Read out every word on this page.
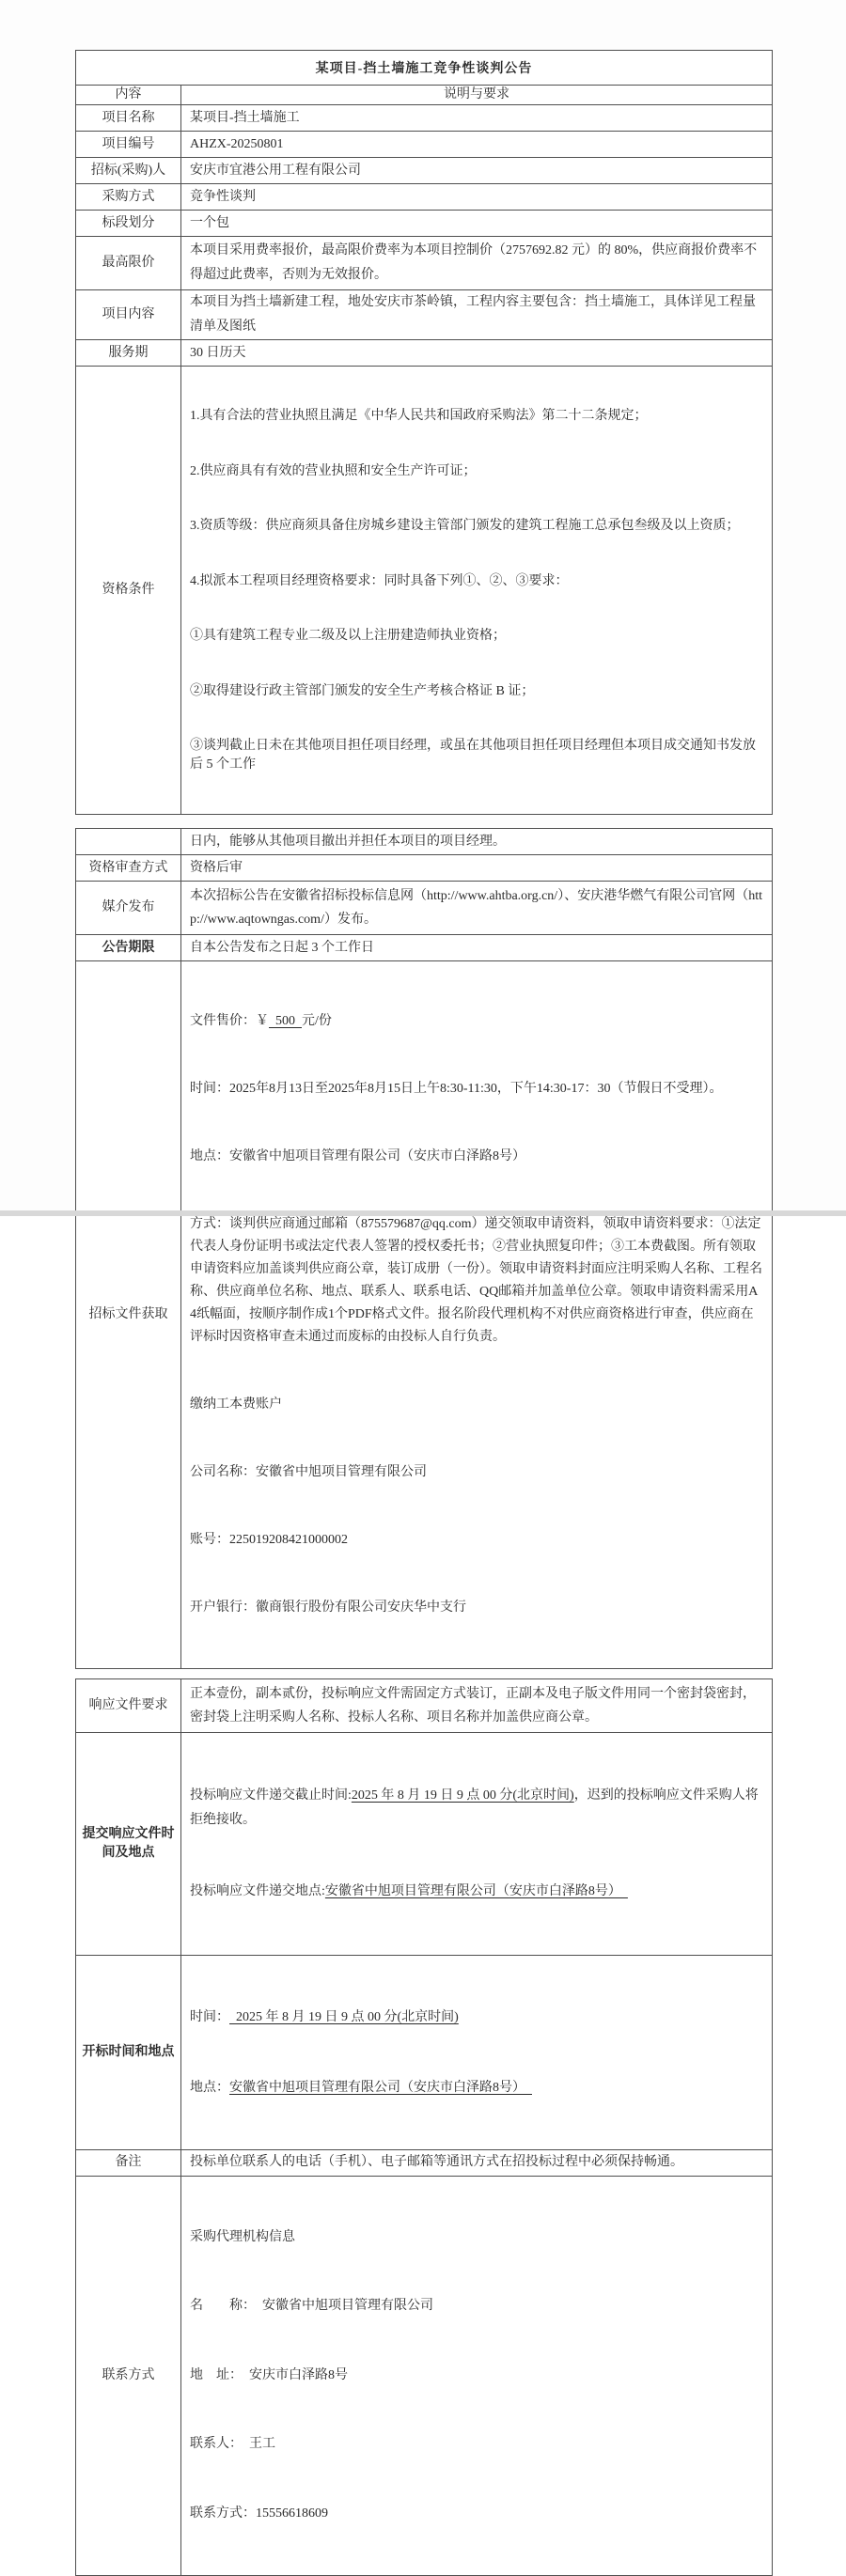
某项目-挡土墙施工竞争性谈判公告	
内容	说明与要求
项目名称	某项目-挡土墙施工
项目编号	AHZX-20250801
招标(采购)人	安庆市宜港公用工程有限公司
采购方式	竞争性谈判
标段划分	一个包
最高限价	本项目采用费率报价，最高限价费率为本项目控制价（2757692.82 元）的 80%，供应商报价费率不得超过此费率，否则为无效报价。
项目内容	本项目为挡土墙新建工程，地处安庆市茶岭镇，工程内容主要包含：挡土墙施工，具体详见工程量清单及图纸
服务期	30 日历天
资格条件	

1.具有合法的营业执照且满足《中华人民共和国政府采购法》第二十二条规定；

2.供应商具有有效的营业执照和安全生产许可证；

3.资质等级：供应商须具备住房城乡建设主管部门颁发的建筑工程施工总承包叁级及以上资质；

4.拟派本工程项目经理资格要求：同时具备下列①、②、③要求：

①具有建筑工程专业二级及以上注册建造师执业资格；

②取得建设行政主管部门颁发的安全生产考核合格证 B 证；

③谈判截止日未在其他项目担任项目经理，或虽在其他项目担任项目经理但本项目成交通知书发放后 5 个工作

	日内，能够从其他项目撤出并担任本项目的项目经理。
资格审查方式	资格后审
媒介发布	本次招标公告在安徽省招标投标信息网（http://www.ahtba.org.cn/）、安庆港华燃气有限公司官网（http://www.aqtowngas.com/）发布。
公告期限	自本公告发布之日起 3 个工作日
招标文件获取	

文件售价：￥  500  元/份

时间：2025年8月13日至2025年8月15日上午8:30-11:30，下午14:30-17：30（节假日不受理）。

地点：安徽省中旭项目管理有限公司（安庆市白泽路8号）

方式：谈判供应商通过邮箱（875579687@qq.com）递交领取申请资料，领取申请资料要求：①法定代表人身份证明书或法定代表人签署的授权委托书；②营业执照复印件；③工本费截图。所有领取申请资料应加盖谈判供应商公章，装订成册（一份）。领取申请资料封面应注明采购人名称、工程名称、供应商单位名称、地点、联系人、联系电话、QQ邮箱并加盖单位公章。领取申请资料需采用A4纸幅面，按顺序制作成1个PDF格式文件。报名阶段代理机构不对供应商资格进行审查，供应商在评标时因资格审查未通过而废标的由投标人自行负责。

缴纳工本费账户

公司名称：安徽省中旭项目管理有限公司

账号：225019208421000002

开户银行：徽商银行股份有限公司安庆华中支行

响应文件要求	正本壹份，副本贰份，投标响应文件需固定方式装订，正副本及电子版文件用同一个密封袋密封，密封袋上注明采购人名称、投标人名称、项目名称并加盖供应商公章。
提交响应文件时间及地点	投标响应文件递交截止时间:2025 年 8 月 19 日 9 点 00 分(北京时间)，迟到的投标响应文件采购人将拒绝接收。

投标响应文件递交地点:安徽省中旭项目管理有限公司（安庆市白泽路8号）

开标时间和地点	时间：  2025 年 8 月 19 日 9 点 00 分(北京时间)

地点：安徽省中旭项目管理有限公司（安庆市白泽路8号）

备注	投标单位联系人的电话（手机）、电子邮箱等通讯方式在招投标过程中必须保持畅通。
联系方式	采购代理机构信息

名　　称：  安徽省中旭项目管理有限公司

地　址：  安庆市白泽路8号

联系人：  王工

联系方式：15556618609
